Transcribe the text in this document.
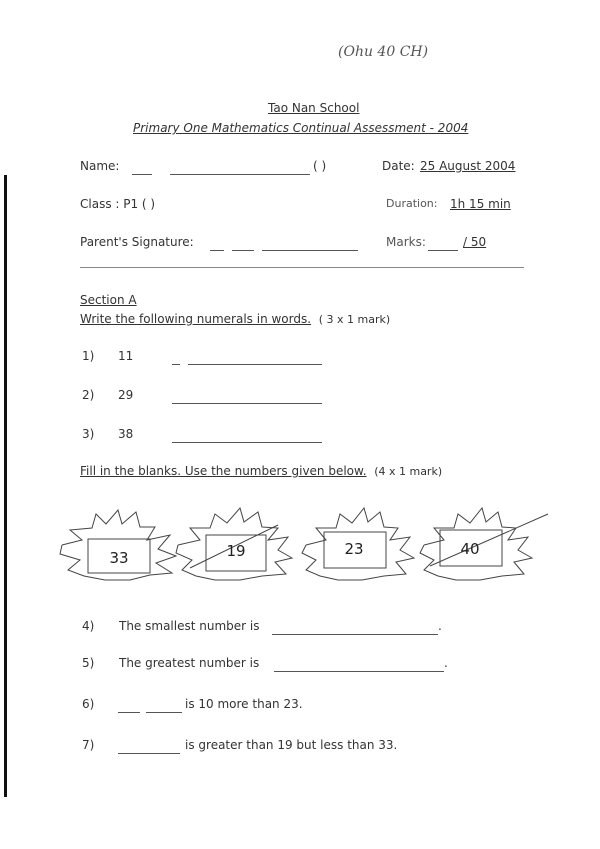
(Ohu 40 CH)
Tao Nan School
Primary One Mathematics Continual Assessment - 2004
Name:	( )	Date: 25 August 2004
Class : P1 ( )	Duration: 1h 15 min
Parent's Signature:	Marks:	/ 50
Section A
Write the following numerals in words. ( 3 x 1 mark)
1) 11
2) 29
3) 38
Fill in the blanks. Use the numbers given below. (4 x 1 mark)
33	19	23	40
4) The smallest number is	.
5) The greatest number is	.
6)	is 10 more than 23.
7)	is greater than 19 but less than 33.
